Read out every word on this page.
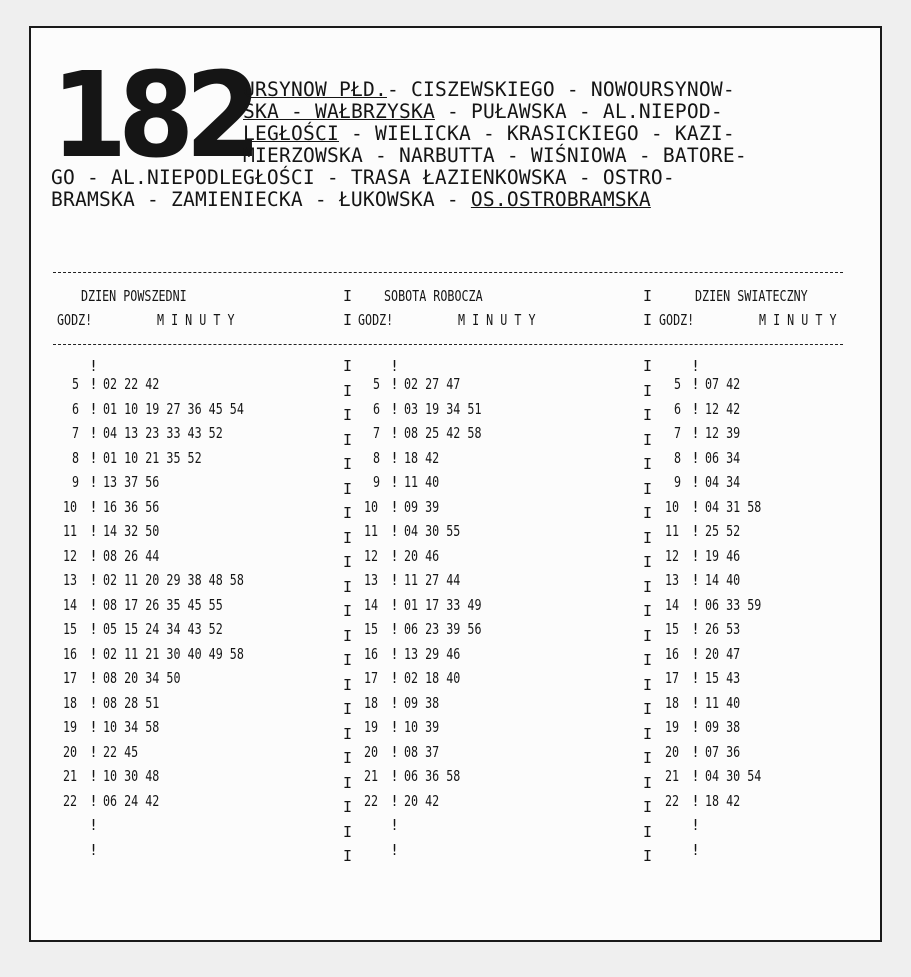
182
URSYNOW PŁD.- CISZEWSKIEGO - NOWOURSYNOW-
SKA - WAŁBRZYSKA - PUŁAWSKA - AL.NIEPOD-
LEGŁOŚCI - WIELICKA - KRASICKIEGO - KAZI-
MIERZOWSKA - NARBUTTA - WIŚNIOWA - BATORE-
GO - AL.NIEPODLEGŁOŚCI - TRASA ŁAZIENKOWSKA - OSTRO-
BRAMSKA - ZAMIENIECKA - ŁUKOWSKA - OS.OSTROBRAMSKA
DZIEN POWSZEDNI
GODZ!	M I N U T Y
!
5 ! 02 22 42
6 ! 01 10 19 27 36 45 54
7 ! 04 13 23 33 43 52
8 ! 01 10 21 35 52
9 ! 13 37 56
10 ! 16 36 56
11 ! 14 32 50
12 ! 08 26 44
13 ! 02 11 20 29 38 48 58
14 ! 08 17 26 35 45 55
15 ! 05 15 24 34 43 52
16 ! 02 11 21 30 40 49 58
17 ! 08 20 34 50
18 ! 08 28 51
19 ! 10 34 58
20 ! 22 45
21 ! 10 30 48
22 ! 06 24 42
!
!
SOBOTA ROBOCZA
GODZ!	M I N U T Y
!
5 ! 02 27 47
6 ! 03 19 34 51
7 ! 08 25 42 58
8 ! 18 42
9 ! 11 40
10 ! 09 39
11 ! 04 30 55
12 ! 20 46
13 ! 11 27 44
14 ! 01 17 33 49
15 ! 06 23 39 56
16 ! 13 29 46
17 ! 02 18 40
18 ! 09 38
19 ! 10 39
20 ! 08 37
21 ! 06 36 58
22 ! 20 42
!
!
DZIEN SWIATECZNY
GODZ!	M I N U T Y
!
5 ! 07 42
6 ! 12 42
7 ! 12 39
8 ! 06 34
9 ! 04 34
10 ! 04 31 58
11 ! 25 52
12 ! 19 46
13 ! 14 40
14 ! 06 33 59
15 ! 26 53
16 ! 20 47
17 ! 15 43
18 ! 11 40
19 ! 09 38
20 ! 07 36
21 ! 04 30 54
22 ! 18 42
!
!
I
I
I
I
I
I
I
I
I
I
I
I
I
I
I
I
I
I
I
I
I
I
I
I
I
I
I
I
I
I
I
I
I
I
I
I
I
I
I
I
I
I
I
I
I
I
